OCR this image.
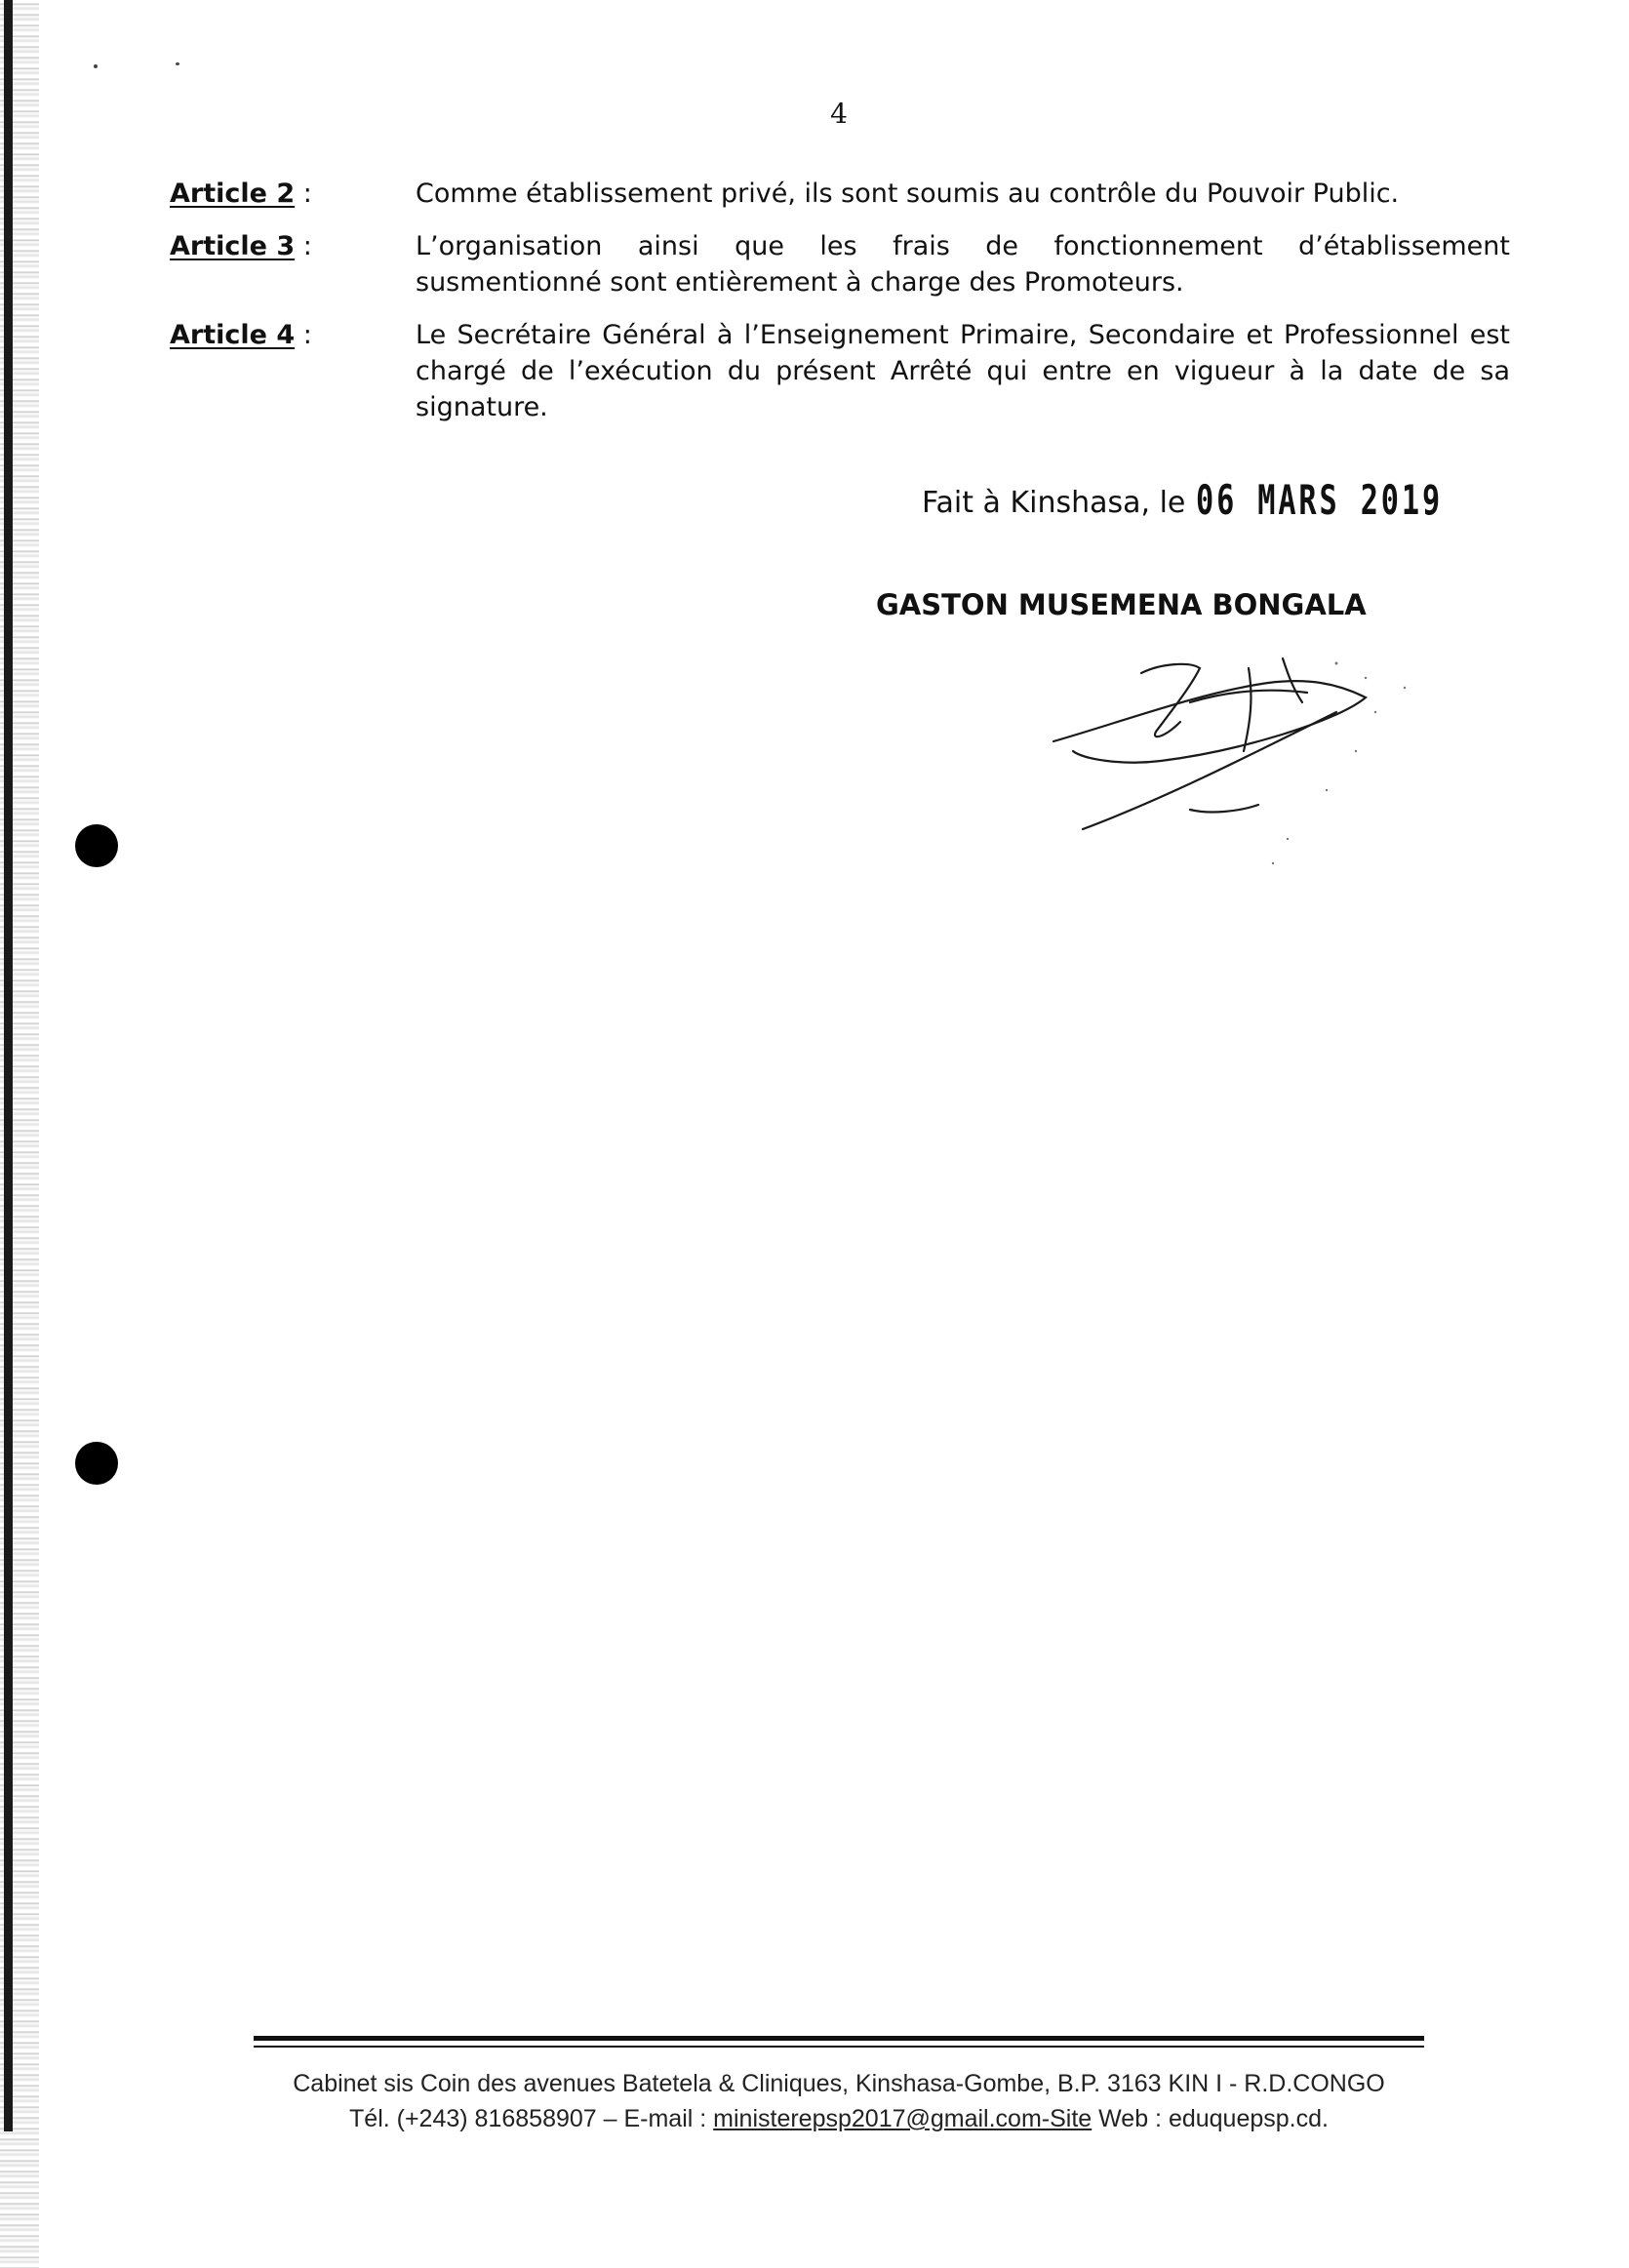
4
Article 2 :	Comme établissement privé, ils sont soumis au contrôle du Pouvoir Public.

Article 3 :	L’organisation ainsi que les frais de fonctionnement d’établissement susmentionné sont entièrement à charge des Promoteurs.

Article 4 :	Le Secrétaire Général à l’Enseignement Primaire, Secondaire et Professionnel est chargé de l’exécution du présent Arrêté qui entre en vigueur à la date de sa signature.

Fait à Kinshasa, le 06 MARS 2019
GASTON MUSEMENA BONGALA
Cabinet sis Coin des avenues Batetela & Cliniques, Kinshasa-Gombe, B.P. 3163 KIN I - R.D.CONGO
Tél. (+243) 816858907 – E-mail : ministerepsp2017@gmail.com-Site Web : eduquepsp.cd.
